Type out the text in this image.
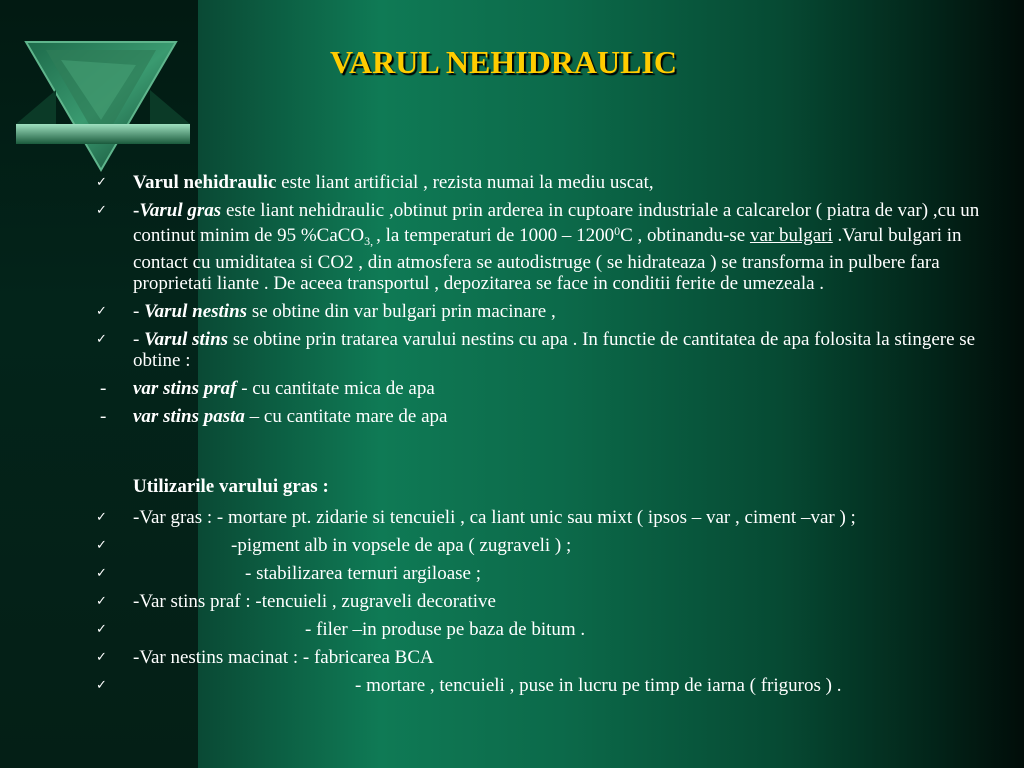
VARUL NEHIDRAULIC
✓ Varul nehidraulic este liant artificial , rezista numai la mediu uscat,
✓ -Varul gras este liant nehidraulic ,obtinut prin arderea in cuptoare industriale a calcarelor ( piatra de var) ,cu un continut minim de 95 %CaCO$_{3,}$ , la temperaturi de 1000 – 1200$^0$C , obtinandu-se var bulgari .Varul bulgari in contact cu umiditatea si CO2 , din atmosfera se autodistruge ( se hidrateaza ) se transforma in pulbere fara proprietati liante . De aceea transportul , depozitarea se face in conditii ferite de umezeala .
✓ - Varul nestins se obtine din var bulgari prin macinare ,
✓ - Varul stins se obtine prin tratarea varului nestins cu apa . In functie de cantitatea de apa folosita la stingere se obtine :
- var stins praf - cu cantitate mica de apa
- var stins pasta – cu cantitate mare de apa
Utilizarile varului gras :
✓ -Var gras : - mortare pt. zidarie si tencuieli , ca liant unic sau mixt ( ipsos – var , ciment –var ) ;
✓	-pigment alb in vopsele de apa ( zugraveli ) ;
✓	- stabilizarea ternuri argiloase ;
✓ -Var stins praf : -tencuieli , zugraveli decorative
✓	- filer –in produse pe baza de bitum .
✓ -Var nestins macinat : - fabricarea BCA
✓	- mortare , tencuieli , puse in lucru pe timp de iarna ( friguros ) .
